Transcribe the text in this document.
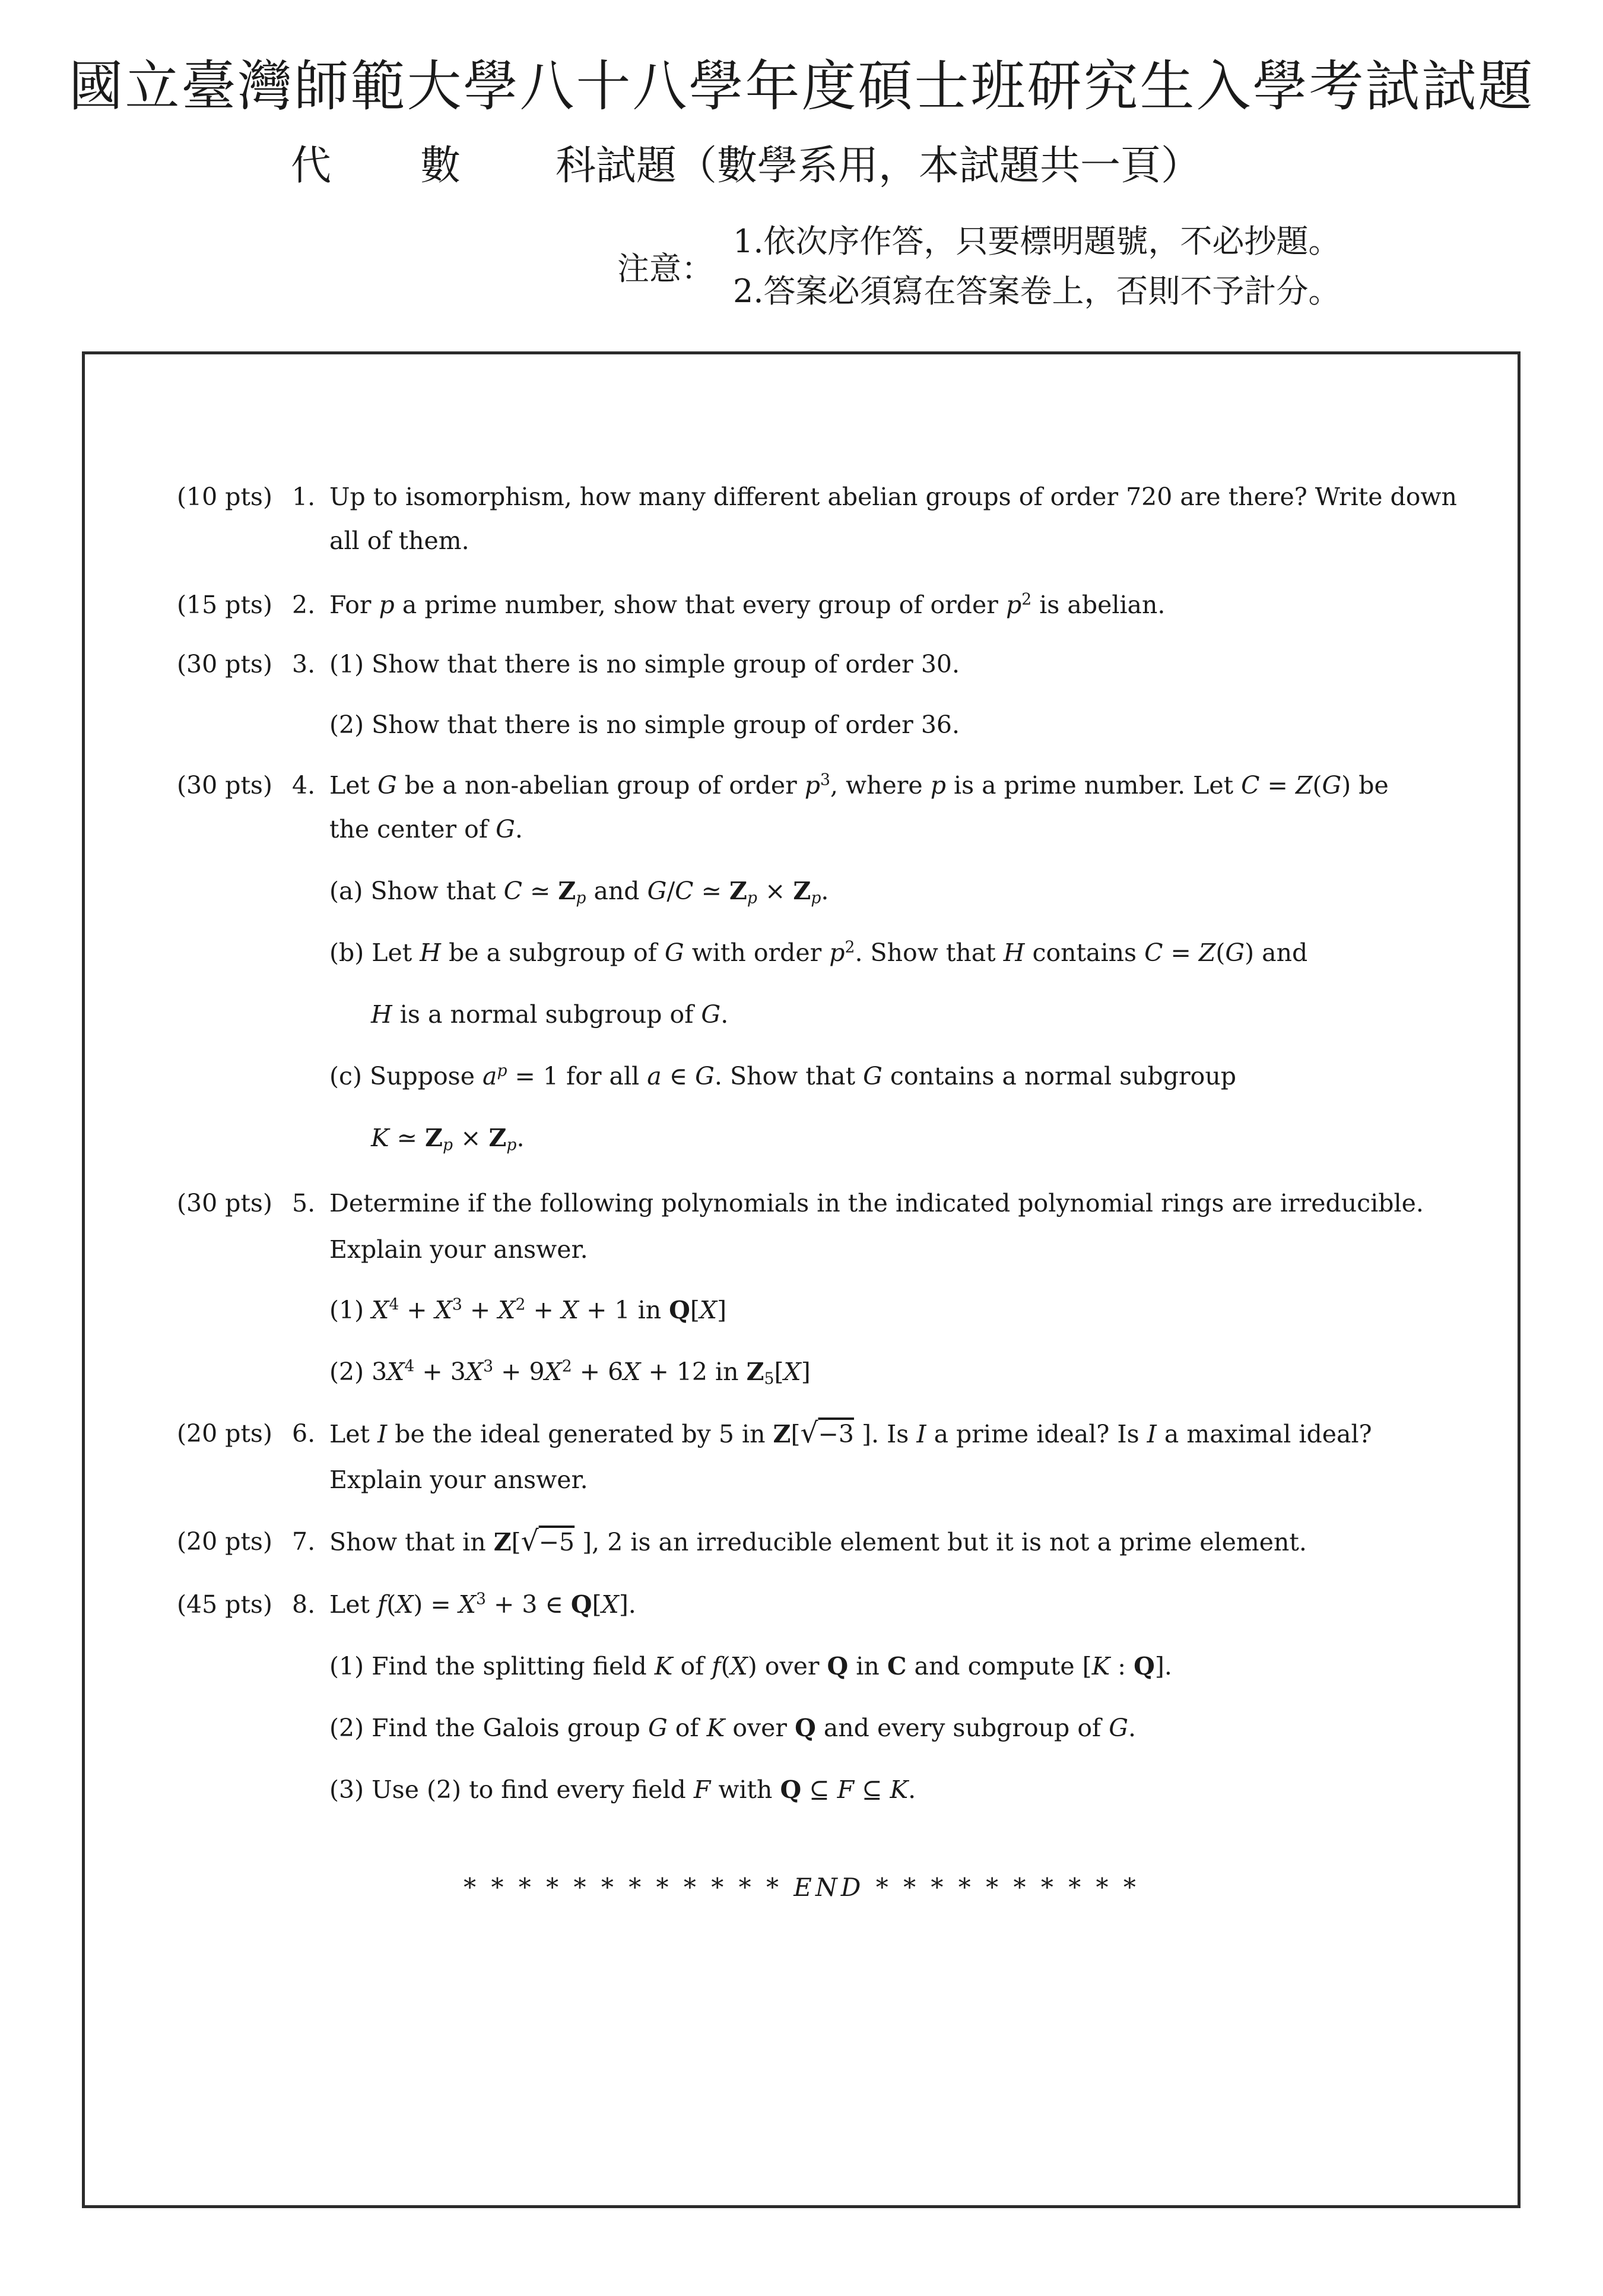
國立臺灣師範大學八十八學年度碩士班研究生入學考試試題
代 數 科試題（數學系用，本試題共一頁）
注意：
1.依次序作答，只要標明題號，不必抄題。
2.答案必須寫在答案卷上，否則不予計分。
(10 pts) 1. Up to isomorphism, how many different abelian groups of order 720 are there? Write down
all of them.
(15 pts) 2. For p a prime number, show that every group of order $p^2$ is abelian.
(30 pts) 3. (1) Show that there is no simple group of order 30.
(2) Show that there is no simple group of order 36.
(30 pts) 4. Let G be a non-abelian group of order $p^3$, where p is a prime number. Let C = Z(G) be
the center of G.
(a) Show that C ≃ $Z_p$ and G/C ≃ $Z_p \times Z_p$.
(b) Let H be a subgroup of G with order $p^2$. Show that H contains C = Z(G) and
H is a normal subgroup of G.
(c) Suppose $a^p = 1$ for all a ∈ G. Show that G contains a normal subgroup
K ≃ $Z_p \times Z_p$.
(30 pts) 5. Determine if the following polynomials in the indicated polynomial rings are irreducible.
Explain your answer.
(1) $X^4 + X^3 + X^2 + X + 1$ in Q[X]
(2) $3X^4 + 3X^3 + 9X^2 + 6X + 12$ in $Z_5[X]$
(20 pts) 6. Let I be the ideal generated by 5 in Z[√−3 ]. Is I a prime ideal? Is I a maximal ideal?
Explain your answer.
(20 pts) 7. Show that in Z[√−5 ], 2 is an irreducible element but it is not a prime element.
(45 pts) 8. Let $f(X) = X^3 + 3$ ∈ Q[X].
(1) Find the splitting field K of f(X) over Q in C and compute [K : Q].
(2) Find the Galois group G of K over Q and every subgroup of G.
(3) Use (2) to find every field F with Q ⊆ F ⊆ K.
* * * * * * * * * * * * END * * * * * * * * * *
